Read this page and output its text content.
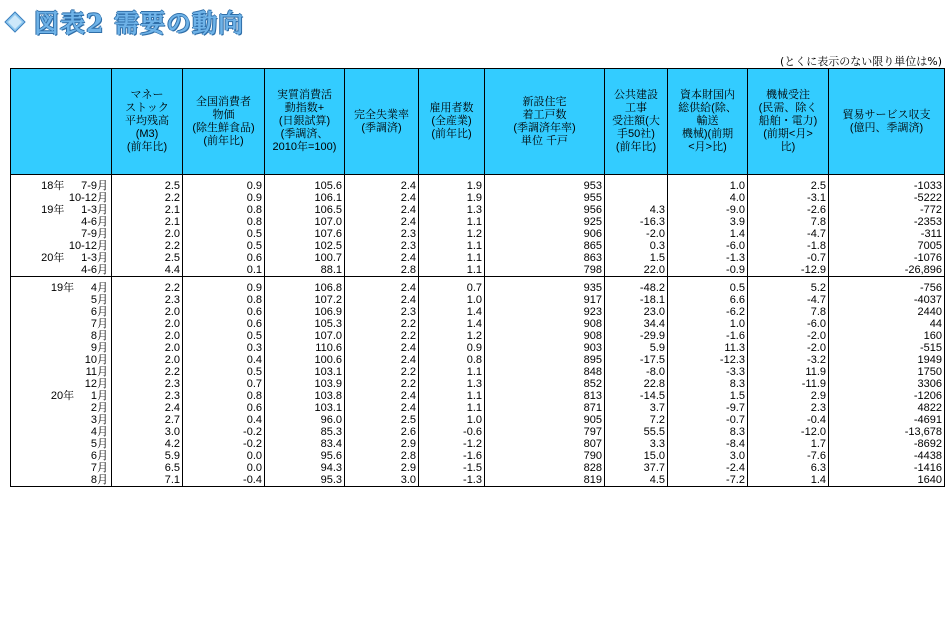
図表2 需要の動向
(とくに表示のない限り単位は%)
	マネー
ストック
平均残高
(M3)
(前年比)	全国消費者
物価
(除生鮮食品)
(前年比)	実質消費活
動指数+
(日銀試算)
(季調済、
2010年=100)	完全失業率
(季調済)	雇用者数
(全産業)
(前年比)	新設住宅
着工戸数
(季調済年率)
単位 千戸	公共建設
工事
受注額(大
手50社)
(前年比)	資本財国内
総供給(除、
輸送
機械)(前期
<月>比)	機械受注
(民需、除く
船舶・電力)
(前期<月>
比)	貿易サービス収支
(億円、季調済)

18年 7-9月	2.5	0.9	105.6	2.4	1.9	953		1.0	2.5	-1033
10-12月	2.2	0.9	106.1	2.4	1.9	955		4.0	-3.1	-5222
19年 1-3月	2.1	0.8	106.5	2.4	1.3	956	4.3	-9.0	-2.6	-772
4-6月	2.1	0.8	107.0	2.4	1.1	925	-16.3	3.9	7.8	-2353
7-9月	2.0	0.5	107.6	2.3	1.2	906	-2.0	1.4	-4.7	-311
10-12月	2.2	0.5	102.5	2.3	1.1	865	0.3	-6.0	-1.8	7005
20年 1-3月	2.5	0.6	100.7	2.4	1.1	863	1.5	-1.3	-0.7	-1076
4-6月	4.4	0.1	88.1	2.8	1.1	798	22.0	-0.9	-12.9	-26,896

19年 4月	2.2	0.9	106.8	2.4	0.7	935	-48.2	0.5	5.2	-756
5月	2.3	0.8	107.2	2.4	1.0	917	-18.1	6.6	-4.7	-4037
6月	2.0	0.6	106.9	2.3	1.4	923	23.0	-6.2	7.8	2440
7月	2.0	0.6	105.3	2.2	1.4	908	34.4	1.0	-6.0	44
8月	2.0	0.5	107.0	2.2	1.2	908	-29.9	-1.6	-2.0	160
9月	2.0	0.3	110.6	2.4	0.9	903	5.9	11.3	-2.0	-515
10月	2.0	0.4	100.6	2.4	0.8	895	-17.5	-12.3	-3.2	1949
11月	2.2	0.5	103.1	2.2	1.1	848	-8.0	-3.3	11.9	1750
12月	2.3	0.7	103.9	2.2	1.3	852	22.8	8.3	-11.9	3306
20年 1月	2.3	0.8	103.8	2.4	1.1	813	-14.5	1.5	2.9	-1206
2月	2.4	0.6	103.1	2.4	1.1	871	3.7	-9.7	2.3	4822
3月	2.7	0.4	96.0	2.5	1.0	905	7.2	-0.7	-0.4	-4691
4月	3.0	-0.2	85.3	2.6	-0.6	797	55.5	8.3	-12.0	-13,678
5月	4.2	-0.2	83.4	2.9	-1.2	807	3.3	-8.4	1.7	-8692
6月	5.9	0.0	95.6	2.8	-1.6	790	15.0	3.0	-7.6	-4438
7月	6.5	0.0	94.3	2.9	-1.5	828	37.7	-2.4	6.3	-1416
8月	7.1	-0.4	95.3	3.0	-1.3	819	4.5	-7.2	1.4	1640
